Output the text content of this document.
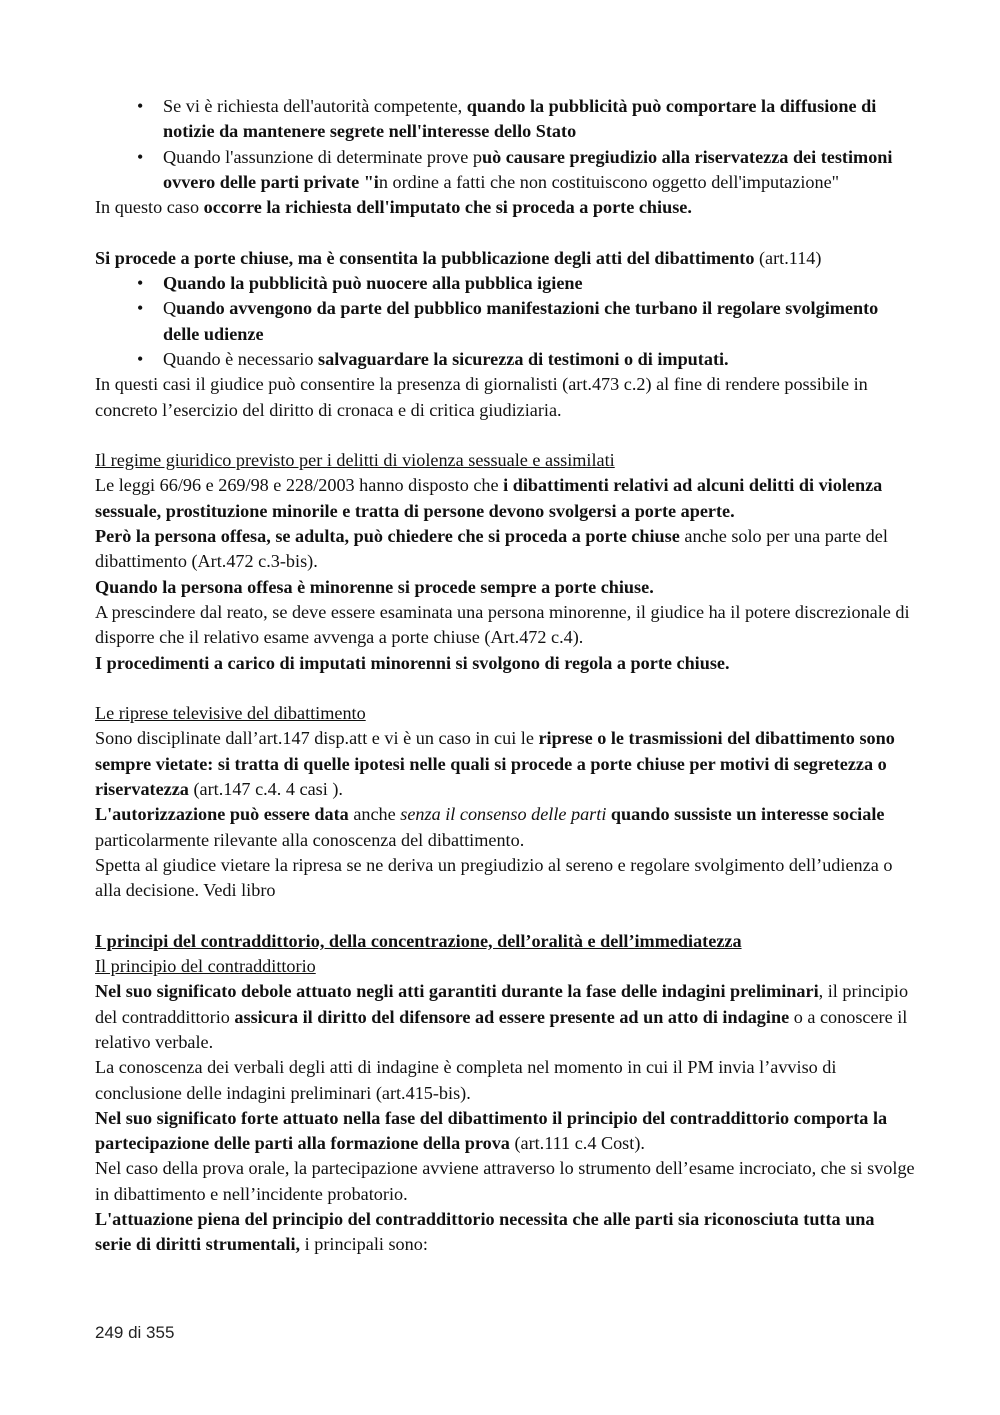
• Se vi è richiesta dell'autorità competente, quando la pubblicità può comportare la diffusione di notizie da mantenere segrete nell'interesse dello Stato
• Quando l'assunzione di determinate prove può causare pregiudizio alla riservatezza dei testimoni ovvero delle parti private "in ordine a fatti che non costituiscono oggetto dell'imputazione"

In questo caso occorre la richiesta dell'imputato che si proceda a porte chiuse.

Si procede a porte chiuse, ma è consentita la pubblicazione degli atti del dibattimento (art.114)

• Quando la pubblicità può nuocere alla pubblica igiene
• Quando avvengono da parte del pubblico manifestazioni che turbano il regolare svolgimento delle udienze
• Quando è necessario salvaguardare la sicurezza di testimoni o di imputati.

In questi casi il giudice può consentire la presenza di giornalisti (art.473 c.2) al fine di rendere possibile in concreto l’esercizio del diritto di cronaca e di critica giudiziaria.

Il regime giuridico previsto per i delitti di violenza sessuale e assimilati

Le leggi 66/96 e 269/98 e 228/2003 hanno disposto che i dibattimenti relativi ad alcuni delitti di violenza sessuale, prostituzione minorile e tratta di persone devono svolgersi a porte aperte.

Però la persona offesa, se adulta, può chiedere che si proceda a porte chiuse anche solo per una parte del dibattimento (Art.472 c.3-bis).

Quando la persona offesa è minorenne si procede sempre a porte chiuse.

A prescindere dal reato, se deve essere esaminata una persona minorenne, il giudice ha il potere discrezionale di disporre che il relativo esame avvenga a porte chiuse (Art.472 c.4).

I procedimenti a carico di imputati minorenni si svolgono di regola a porte chiuse.

Le riprese televisive del dibattimento

Sono disciplinate dall’art.147 disp.att e vi è un caso in cui le riprese o le trasmissioni del dibattimento sono sempre vietate: si tratta di quelle ipotesi nelle quali si procede a porte chiuse per motivi di segretezza o riservatezza (art.147 c.4. 4 casi ).

L'autorizzazione può essere data anche senza il consenso delle parti quando sussiste un interesse sociale particolarmente rilevante alla conoscenza del dibattimento.

Spetta al giudice vietare la ripresa se ne deriva un pregiudizio al sereno e regolare svolgimento dell’udienza o alla decisione. Vedi libro

I principi del contraddittorio, della concentrazione, dell’oralità e dell’immediatezza

Il principio del contraddittorio

Nel suo significato debole attuato negli atti garantiti durante la fase delle indagini preliminari, il principio del contraddittorio assicura il diritto del difensore ad essere presente ad un atto di indagine o a conoscere il relativo verbale.

La conoscenza dei verbali degli atti di indagine è completa nel momento in cui il PM invia l’avviso di conclusione delle indagini preliminari (art.415-bis).

Nel suo significato forte attuato nella fase del dibattimento il principio del contraddittorio comporta la partecipazione delle parti alla formazione della prova (art.111 c.4 Cost).

Nel caso della prova orale, la partecipazione avviene attraverso lo strumento dell’esame incrociato, che si svolge in dibattimento e nell’incidente probatorio.

L'attuazione piena del principio del contraddittorio necessita che alle parti sia riconosciuta tutta una serie di diritti strumentali, i principali sono:

249 di 355
